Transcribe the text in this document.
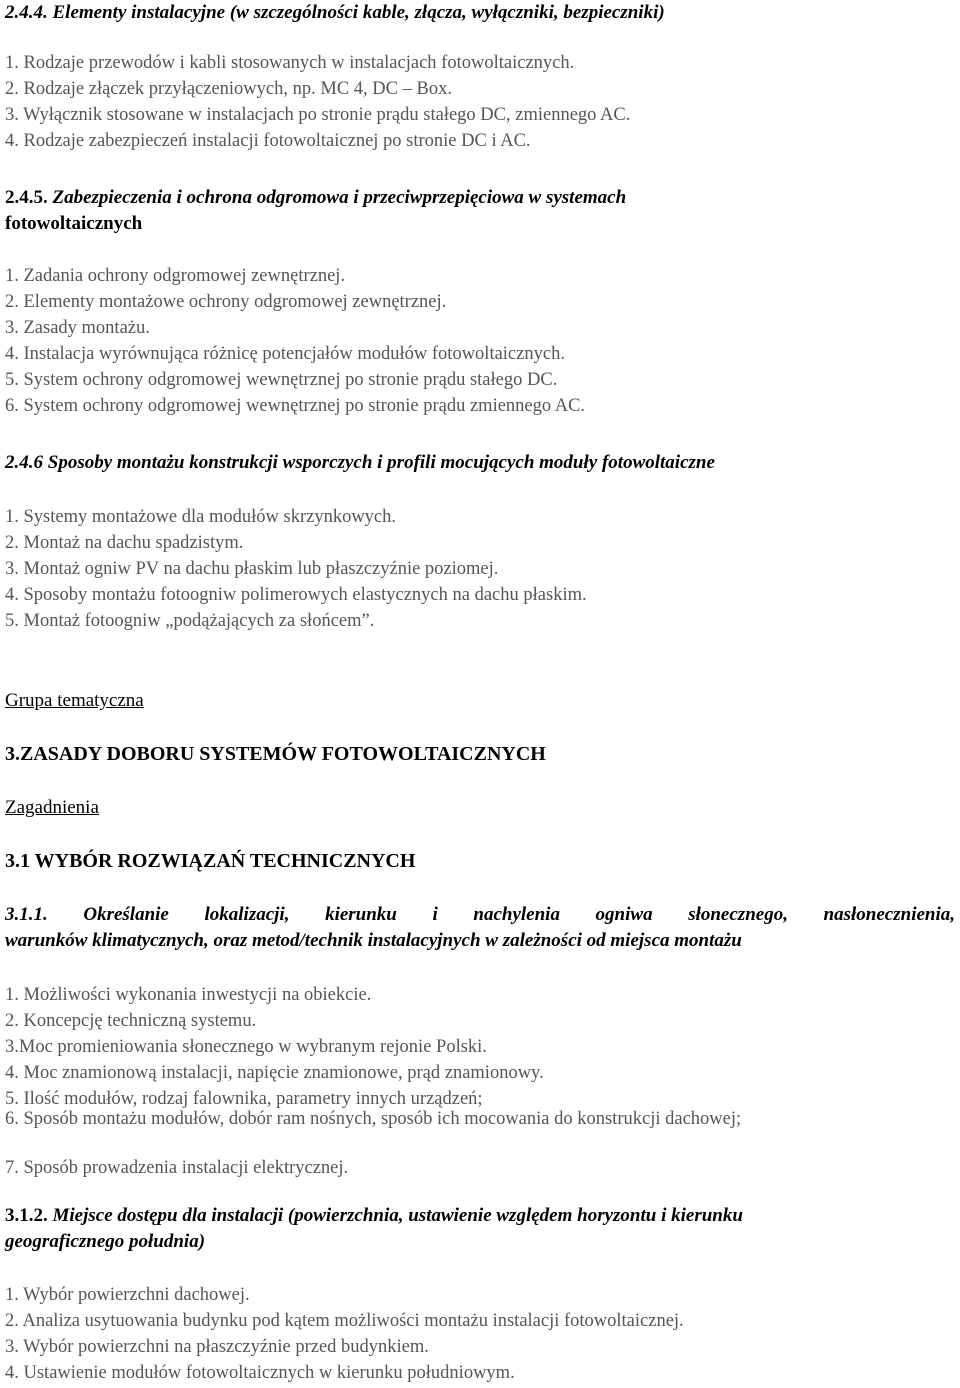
2.4.4. Elementy instalacyjne (w szczególności kable, złącza, wyłączniki, bezpieczniki)

1. Rodzaje przewodów i kabli stosowanych w instalacjach fotowoltaicznych.
2. Rodzaje złączek przyłączeniowych, np. MC 4, DC – Box.
3. Wyłącznik stosowane w instalacjach po stronie prądu stałego DC, zmiennego AC.
4. Rodzaje zabezpieczeń instalacji fotowoltaicznej po stronie DC i AC.

2.4.5. Zabezpieczenia i ochrona odgromowa i przeciwprzepięciowa w systemach
fotowoltaicznych

1. Zadania ochrony odgromowej zewnętrznej.
2. Elementy montażowe ochrony odgromowej zewnętrznej.
3. Zasady montażu.
4. Instalacja wyrównująca różnicę potencjałów modułów fotowoltaicznych.
5. System ochrony odgromowej wewnętrznej po stronie prądu stałego DC.
6. System ochrony odgromowej wewnętrznej po stronie prądu zmiennego AC.

2.4.6 Sposoby montażu konstrukcji wsporczych i profili mocujących moduły fotowoltaiczne

1. Systemy montażowe dla modułów skrzynkowych.
2. Montaż na dachu spadzistym.
3. Montaż ogniw PV na dachu płaskim lub płaszczyźnie poziomej.
4. Sposoby montażu fotoogniw polimerowych elastycznych na dachu płaskim.
5. Montaż fotoogniw „podążających za słońcem”.

Grupa tematyczna

3.ZASADY DOBORU SYSTEMÓW FOTOWOLTAICZNYCH

Zagadnienia

3.1 WYBÓR ROZWIĄZAŃ TECHNICZNYCH

3.1.1. Określanie lokalizacji, kierunku i nachylenia ogniwa słonecznego, nasłonecznienia,

warunków klimatycznych, oraz metod/technik instalacyjnych w zależności od miejsca montażu

1. Możliwości wykonania inwestycji na obiekcie.
2. Koncepcję techniczną systemu.
3.Moc promieniowania słonecznego w wybranym rejonie Polski.
4. Moc znamionową instalacji, napięcie znamionowe, prąd znamionowy.
5. Ilość modułów, rodzaj falownika, parametry innych urządzeń;

6. Sposób montażu modułów, dobór ram nośnych, sposób ich mocowania do konstrukcji dachowej;

7. Sposób prowadzenia instalacji elektrycznej.

3.1.2. Miejsce dostępu dla instalacji (powierzchnia, ustawienie względem horyzontu i kierunku
geograficznego południa)

1. Wybór powierzchni dachowej.
2. Analiza usytuowania budynku pod kątem możliwości montażu instalacji fotowoltaicznej.
3. Wybór powierzchni na płaszczyźnie przed budynkiem.
4. Ustawienie modułów fotowoltaicznych w kierunku południowym.
